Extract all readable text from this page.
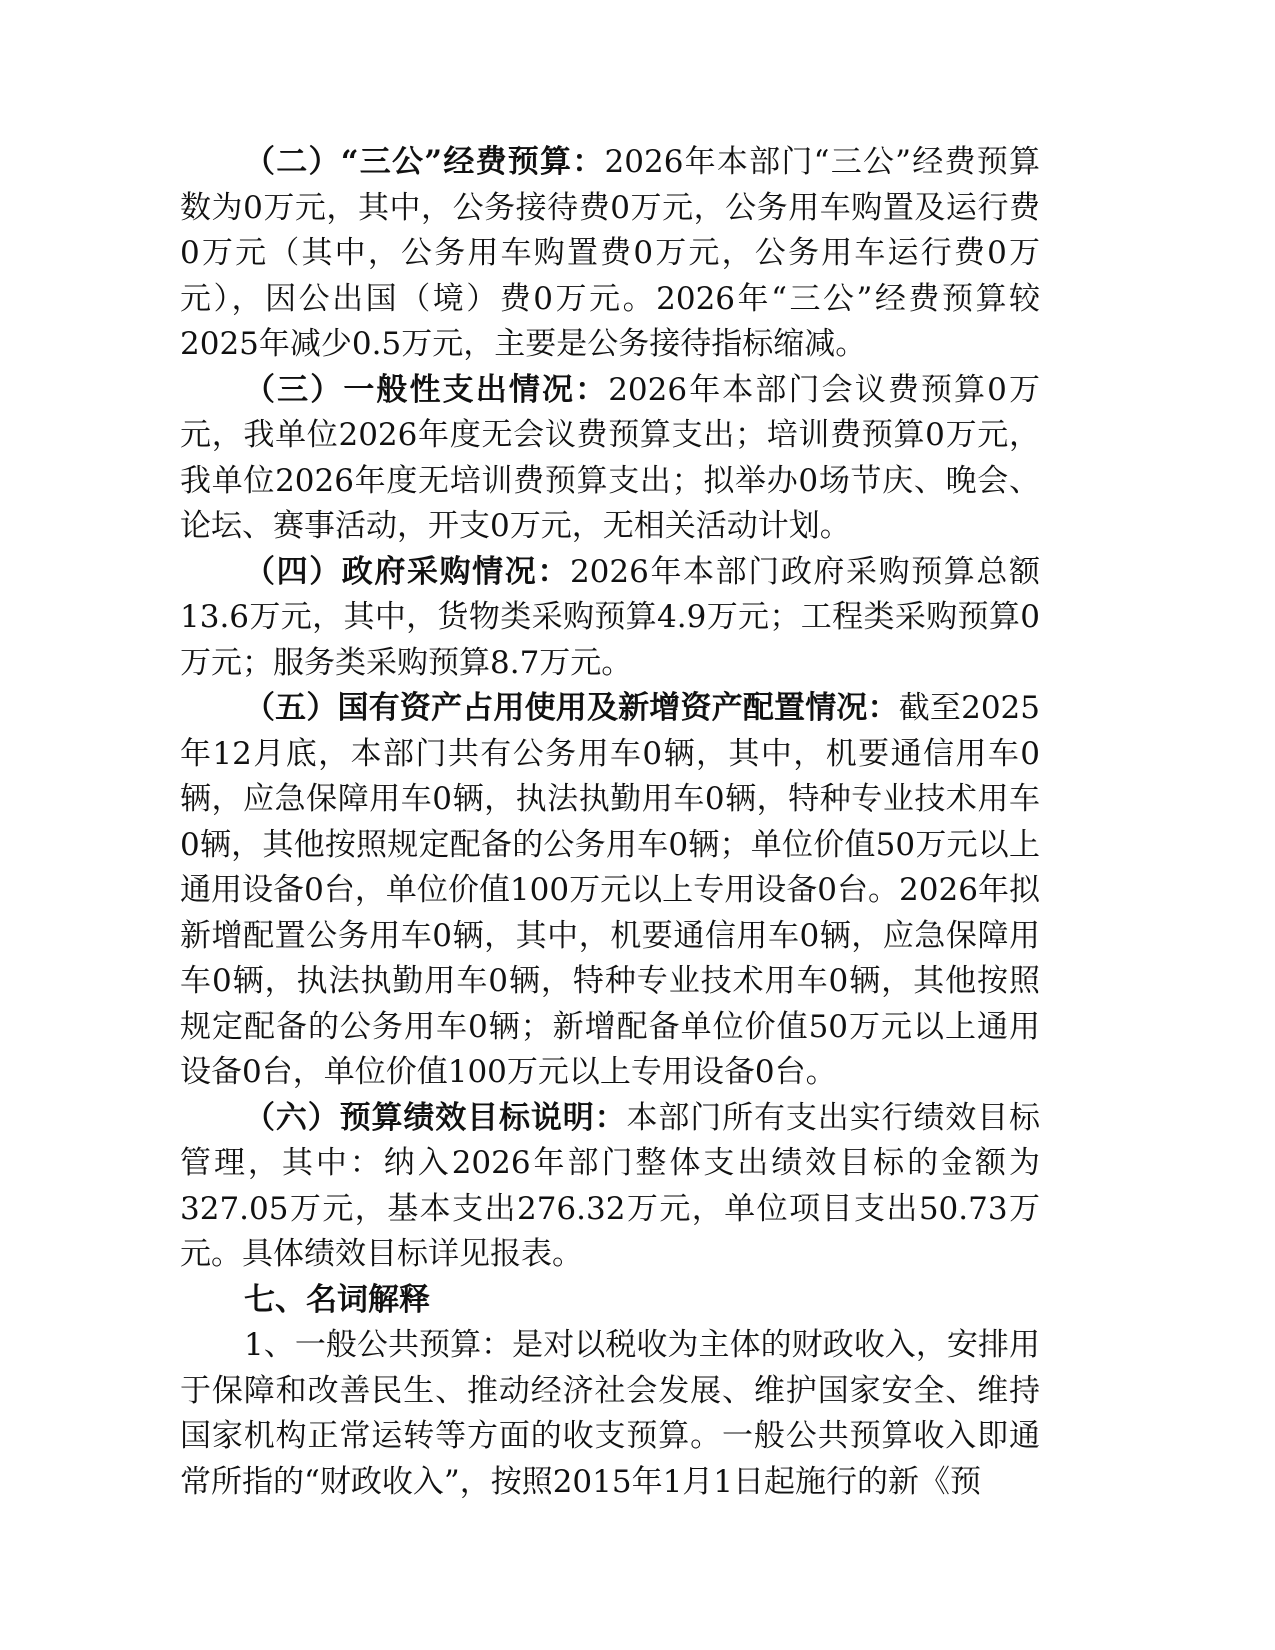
（二）“三公”经费预算：2026年本部门“三公”经费预算数为0万元，其中，公务接待费0万元，公务用车购置及运行费0万元（其中，公务用车购置费0万元，公务用车运行费0万元），因公出国（境）费0万元。2026年“三公”经费预算较2025年减少0.5万元，主要是公务接待指标缩减。

（三）一般性支出情况：2026年本部门会议费预算0万元，我单位2026年度无会议费预算支出；培训费预算0万元，我单位2026年度无培训费预算支出；拟举办0场节庆、晚会、论坛、赛事活动，开支0万元，无相关活动计划。

（四）政府采购情况：2026年本部门政府采购预算总额13.6万元，其中，货物类采购预算4.9万元；工程类采购预算0万元；服务类采购预算8.7万元。

（五）国有资产占用使用及新增资产配置情况：截至2025年12月底，本部门共有公务用车0辆，其中，机要通信用车0辆，应急保障用车0辆，执法执勤用车0辆，特种专业技术用车0辆，其他按照规定配备的公务用车0辆；单位价值50万元以上通用设备0台，单位价值100万元以上专用设备0台。2026年拟新增配置公务用车0辆，其中，机要通信用车0辆，应急保障用车0辆，执法执勤用车0辆，特种专业技术用车0辆，其他按照规定配备的公务用车0辆；新增配备单位价值50万元以上通用设备0台，单位价值100万元以上专用设备0台。

（六）预算绩效目标说明：本部门所有支出实行绩效目标管理，其中：纳入2026年部门整体支出绩效目标的金额为327.05万元，基本支出276.32万元，单位项目支出50.73万元。具体绩效目标详见报表。

七、名词解释

1、一般公共预算：是对以税收为主体的财政收入，安排用于保障和改善民生、推动经济社会发展、维护国家安全、维持国家机构正常运转等方面的收支预算。一般公共预算收入即通常所指的“财政收入”，按照2015年1月1日起施行的新《预
